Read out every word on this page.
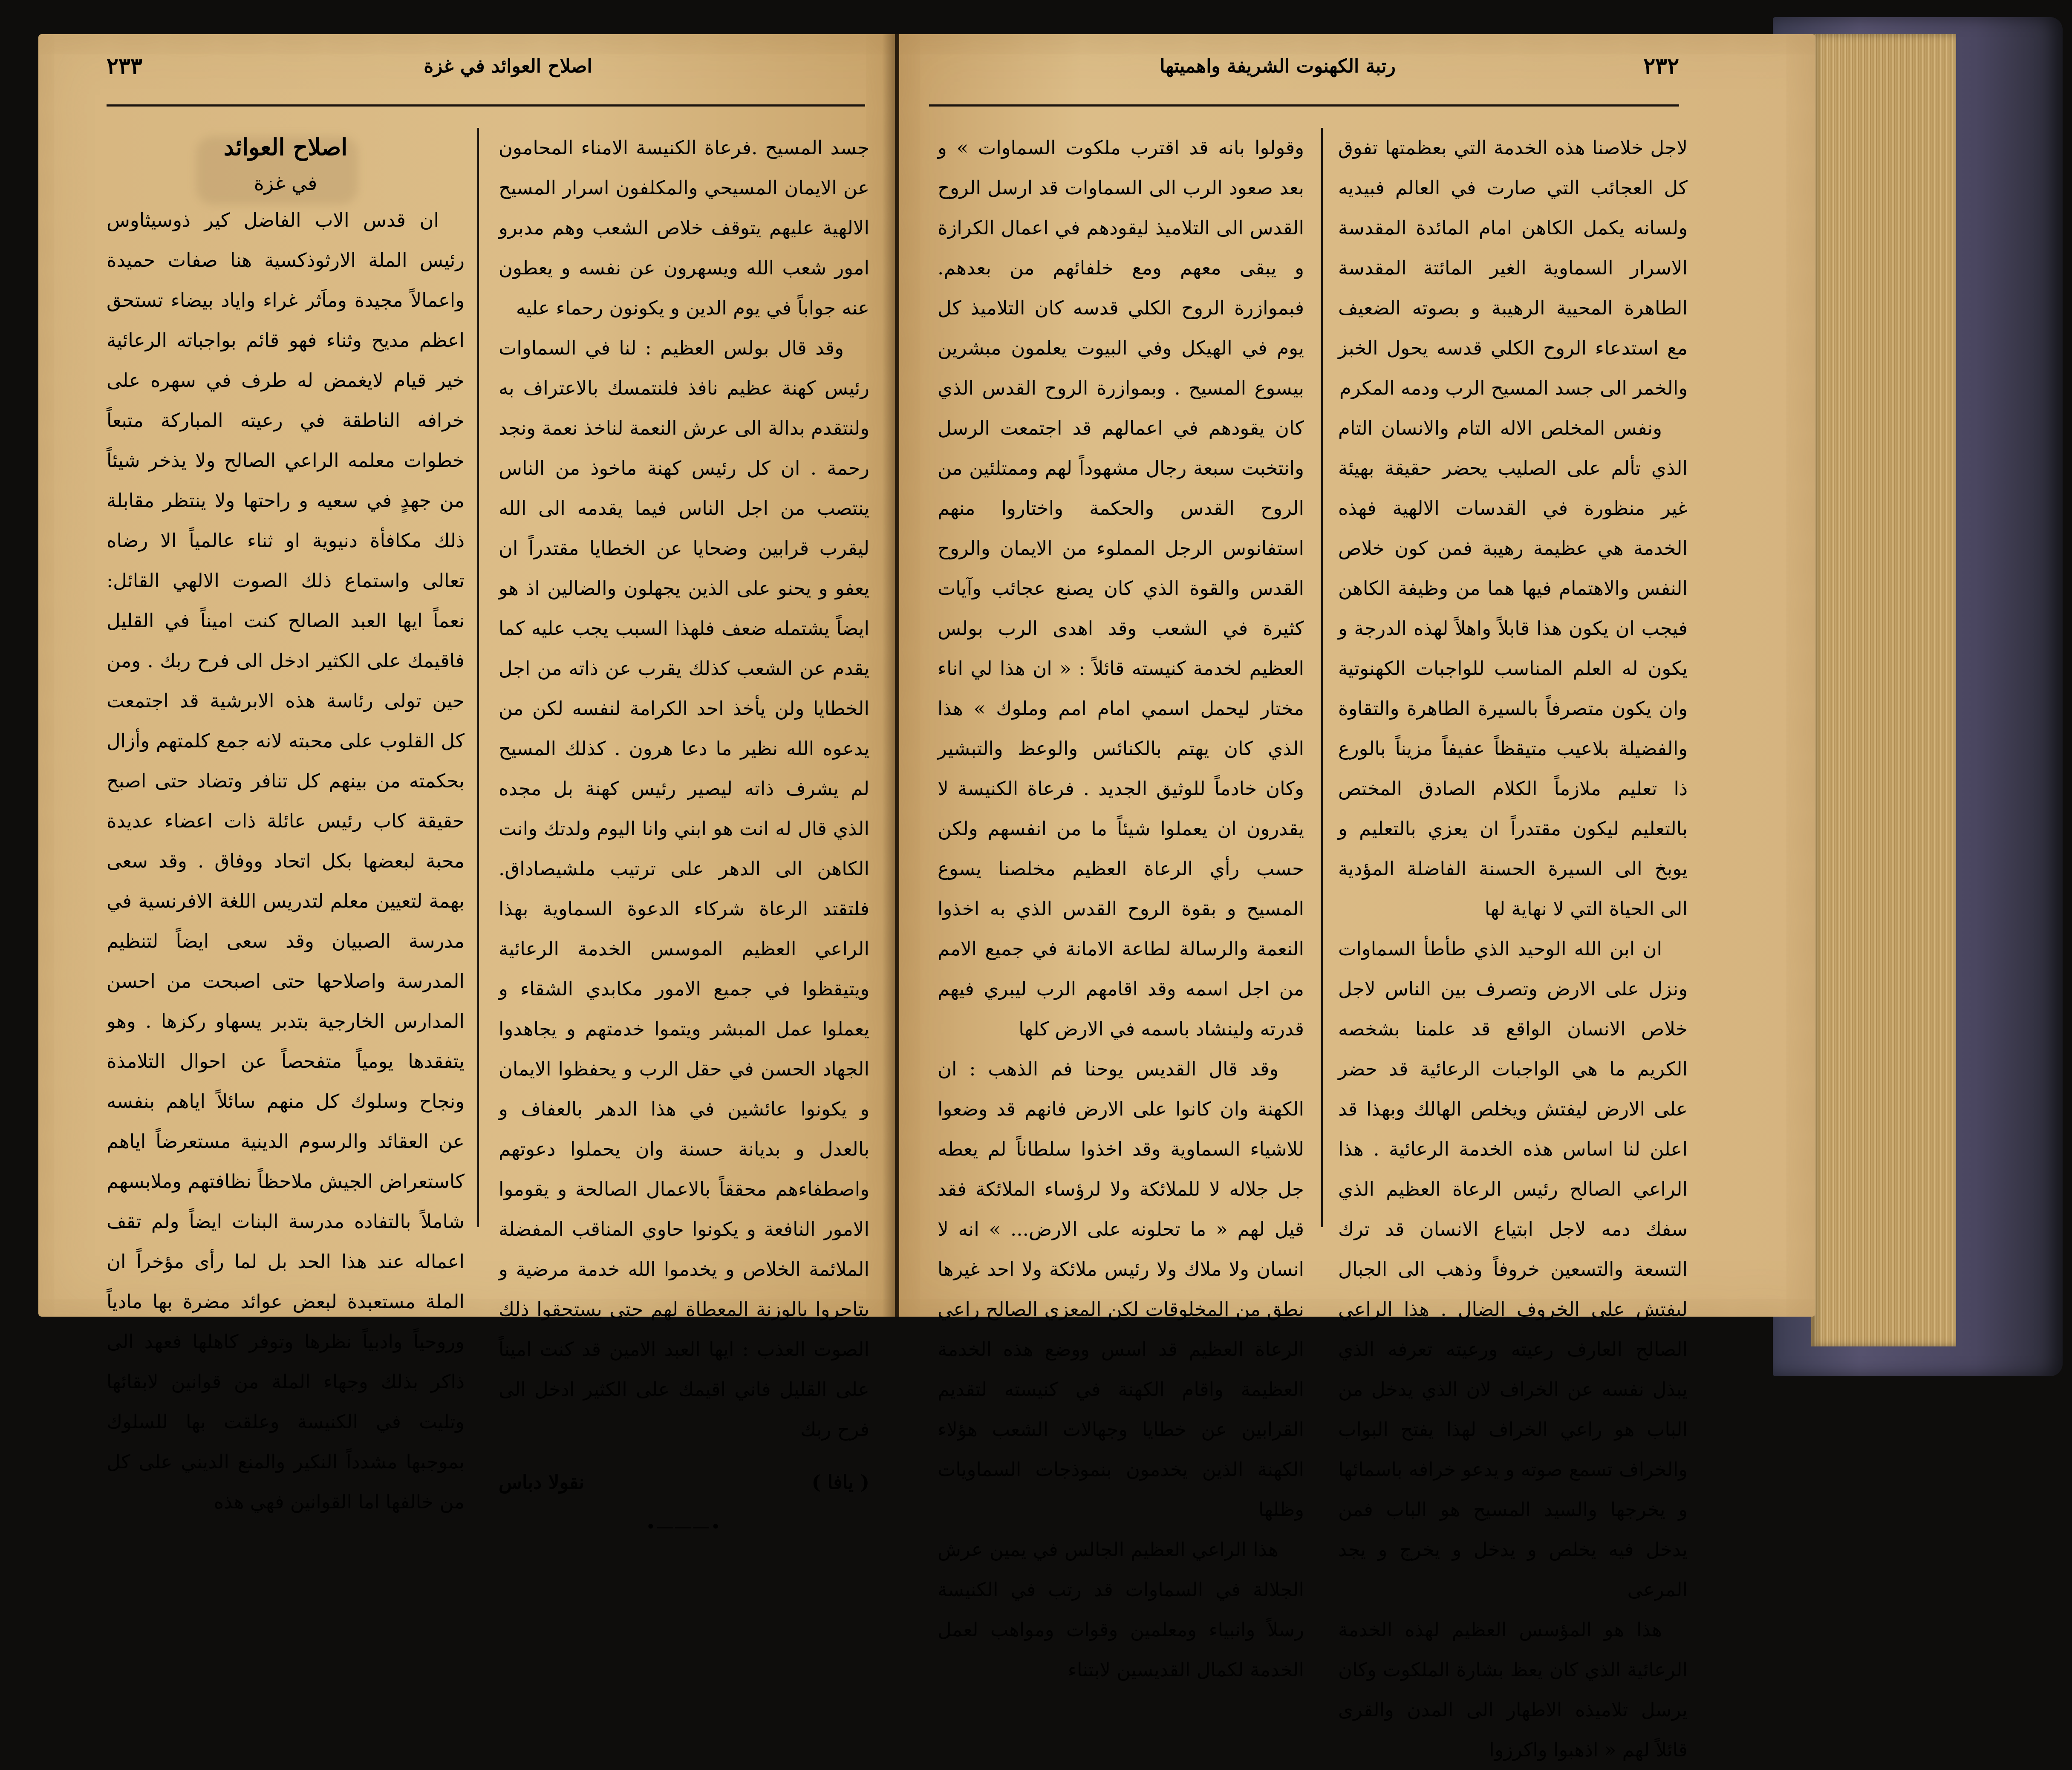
اصلاح العوائد في غزة
٢٣٣

جسد المسيح .فرعاة الكنيسة الامناء المحامون عن الايمان المسيحي والمكلفون اسرار المسيح الالهية عليهم يتوقف خلاص الشعب وهم مدبرو امور شعب الله ويسهرون عن نفسه و يعطون عنه جواباً في يوم الدين و يكونون رحماء عليه

وقد قال بولس العظيم : لنا في السماوات رئيس كهنة عظيم نافذ فلنتمسك بالاعتراف به ولنتقدم بدالة الى عرش النعمة لناخذ نعمة ونجد رحمة . ان كل رئيس كهنة ماخوذ من الناس ينتصب من اجل الناس فيما يقدمه الى الله ليقرب قرابين وضحايا عن الخطايا مقتدراً ان يعفو و يحنو على الذين يجهلون والضالين اذ هو ايضاً يشتمله ضعف فلهذا السبب يجب عليه كما يقدم عن الشعب كذلك يقرب عن ذاته من اجل الخطايا ولن يأخذ احد الكرامة لنفسه لكن من يدعوه الله نظير ما دعا هرون . كذلك المسيح لم يشرف ذاته ليصير رئيس كهنة بل مجده الذي قال له انت هو ابني وانا اليوم ولدتك وانت الكاهن الى الدهر على ترتيب ملشيصاداق. فلتقتد الرعاة شركاء الدعوة السماوية بهذا الراعي العظيم الموسس الخدمة الرعائية ويتيقظوا في جميع الامور مكابدي الشقاء و يعملوا عمل المبشر ويتموا خدمتهم و يجاهدوا الجهاد الحسن في حقل الرب و يحفظوا الايمان و يكونوا عائشين في هذا الدهر بالعفاف و بالعدل و بديانة حسنة وان يحملوا دعوتهم واصطفاءهم محققاً بالاعمال الصالحة و يقوموا الامور النافعة و يكونوا حاوي المناقب المفضلة الملائمة الخلاص و يخدموا الله خدمة مرضية و يتاجروا بالوزنة المعطاة لهم حتى يستحقوا ذلك الصوت العذب : ايها العبد الامين قد كنت اميناً على القليل فاني اقيمك على الكثير ادخل الى فرح ربك

( يافا )
نقولا دباس
•―――•
اصلاح العوائد
في غزة

ان قدس الاب الفاضل كير ذوسيثاوس رئيس الملة الارثوذكسية هنا صفات حميدة واعمالاً مجيدة وماَثر غراء واياد بيضاء تستحق اعظم مديح وثناء فهو قائم بواجباته الرعائية خير قيام لايغمض له طرف في سهره على خرافه الناطقة في رعيته المباركة متبعاً خطوات معلمه الراعي الصالح ولا يذخر شيئاً من جهدٍ في سعيه و راحتها ولا ينتظر مقابلة ذلك مكافأة دنيوية او ثناء عالمياً الا رضاه تعالى واستماع ذلك الصوت الالهي القائل: نعماً ايها العبد الصالح كنت اميناً في القليل فاقيمك على الكثير ادخل الى فرح ربك . ومن حين تولى رئاسة هذه الابرشية قد اجتمعت كل القلوب على محبته لانه جمع كلمتهم وأزال بحكمته من بينهم كل تنافر وتضاد حتى اصبح حقيقة كاب رئيس عائلة ذات اعضاء عديدة محبة لبعضها بكل اتحاد ووفاق . وقد سعى بهمة لتعيين معلم لتدريس اللغة الافرنسية في مدرسة الصبيان وقد سعى ايضاً لتنظيم المدرسة واصلاحها حتى اصبحت من احسن المدارس الخارجية بتدبر يسهاو ركزها . وهو يتفقدها يومياً متفحصاً عن احوال التلامذة ونجاح وسلوك كل منهم سائلاً اياهم بنفسه عن العقائد والرسوم الدينية مستعرضاً اياهم كاستعراض الجيش ملاحظاً نظافتهم وملابسهم شاملاً بالتفاده مدرسة البنات ايضاً ولم تقف اعماله عند هذا الحد بل لما رأى مؤخراً ان الملة مستعبدة لبعض عوائد مضرة بها مادياً وروحياً وادبياً نظرها وتوفر كاهلها فعهد الى ذاكر بذلك وجهاء الملة من قوانين لابقائها وتليت في الكنيسة وعلقت بها للسلوك بموجبها مشدداً النكير والمنع الديني على كل من خالفها اما القوانين فهي هذه

٢٣٢
رتبة الكهنوت الشريفة واهميتها

وقولوا بانه قد اقترب ملكوت السماوات » و بعد صعود الرب الى السماوات قد ارسل الروح القدس الى التلاميذ ليقودهم في اعمال الكرازة و يبقى معهم ومع خلفائهم من بعدهم. فبموازرة الروح الكلي قدسه كان التلاميذ كل يوم في الهيكل وفي البيوت يعلمون مبشرين بيسوع المسيح . وبموازرة الروح القدس الذي كان يقودهم في اعمالهم قد اجتمعت الرسل وانتخبت سبعة رجال مشهوداً لهم وممتلئين من الروح القدس والحكمة واختاروا منهم استفانوس الرجل المملوء من الايمان والروح القدس والقوة الذي كان يصنع عجائب وآيات كثيرة في الشعب وقد اهدى الرب بولس العظيم لخدمة كنيسته قائلاً : « ان هذا لي اناء مختار ليحمل اسمي امام امم وملوك » هذا الذي كان يهتم بالكنائس والوعظ والتبشير وكان خادماً للوثيق الجديد . فرعاة الكنيسة لا يقدرون ان يعملوا شيئاً ما من انفسهم ولكن حسب رأي الرعاة العظيم مخلصنا يسوع المسيح و بقوة الروح القدس الذي به اخذوا النعمة والرسالة لطاعة الامانة في جميع الامم من اجل اسمه وقد اقامهم الرب ليبري فيهم قدرته ولينشاد باسمه في الارض كلها

وقد قال القديس يوحنا فم الذهب : ان الكهنة وان كانوا على الارض فانهم قد وضعوا للاشياء السماوية وقد اخذوا سلطاناً لم يعطه جل جلاله لا للملائكة ولا لرؤساء الملائكة فقد قيل لهم « ما تحلونه على الارض... » انه لا انسان ولا ملاك ولا رئيس ملائكة ولا احد غيرها نطق من المخلوقات لكن المعزي الصالح راعي الرعاة العظيم قد اسس ووضع هذه الخدمة العظيمة واقام الكهنة في كنيسته لتقديم القرابين عن خطايا وجهالات الشعب هؤلاء الكهنة الذين يخدمون بنموذجات السماويات وظلها

هذا الراعي العظيم الجالس في يمين عرش الجلالة في السماوات قد رتب في الكنيسة رسلاً وانبياء ومعلمين وقوات ومواهب لعمل الخدمة لكمال القديسين لابتناء

لاجل خلاصنا هذه الخدمة التي بعظمتها تفوق كل العجائب التي صارت في العالم فبيديه ولسانه يكمل الكاهن امام المائدة المقدسة الاسرار السماوية الغير المائتة المقدسة الطاهرة المحيية الرهيبة و بصوته الضعيف مع استدعاء الروح الكلي قدسه يحول الخبز والخمر الى جسد المسيح الرب ودمه المكرم

ونفس المخلص الاله التام والانسان التام الذي تألم على الصليب يحضر حقيقة بهيئة غير منظورة في القدسات الالهية فهذه الخدمة هي عظيمة رهيبة فمن كون خلاص النفس والاهتمام فيها هما من وظيفة الكاهن فيجب ان يكون هذا قابلاً واهلاً لهذه الدرجة و يكون له العلم المناسب للواجبات الكهنوتية وان يكون متصرفاً بالسيرة الطاهرة والتقاوة والفضيلة بلاعيب متيقظاً عفيفاً مزيناً بالورع ذا تعليم ملازماً الكلام الصادق المختص بالتعليم ليكون مقتدراً ان يعزي بالتعليم و يوبخ الى السيرة الحسنة الفاضلة المؤدية الى الحياة التي لا نهاية لها

ان ابن الله الوحيد الذي طأطأ السماوات ونزل على الارض وتصرف بين الناس لاجل خلاص الانسان الواقع قد علمنا بشخصه الكريم ما هي الواجبات الرعائية قد حضر على الارض ليفتش ويخلص الهالك وبهذا قد اعلن لنا اساس هذه الخدمة الرعائية . هذا الراعي الصالح رئيس الرعاة العظيم الذي سفك دمه لاجل ابتياع الانسان قد ترك التسعة والتسعين خروفاً وذهب الى الجبال ليفتش على الخروف الضال . هذا الراعي الصالح العارف رعيته ورعيته تعرفه الذي يبذل نفسه عن الخراف لان الذي يدخل من الباب هو راعي الخراف لهذا يفتح البواب والخراف تسمع صوته و يدعو خرافه باسمائها و يخرجها والسيد المسيح هو الباب فمن يدخل فيه يخلص و يدخل و يخرج و يجد المرعى

هذا هو المؤسس العظيم لهذه الخدمة الرعائية الذي كان يعظ بشارة الملكوت وكان يرسل تلاميذه الاطهار الى المدن والقرى قائلاً لهم « اذهبوا واكرزوا
